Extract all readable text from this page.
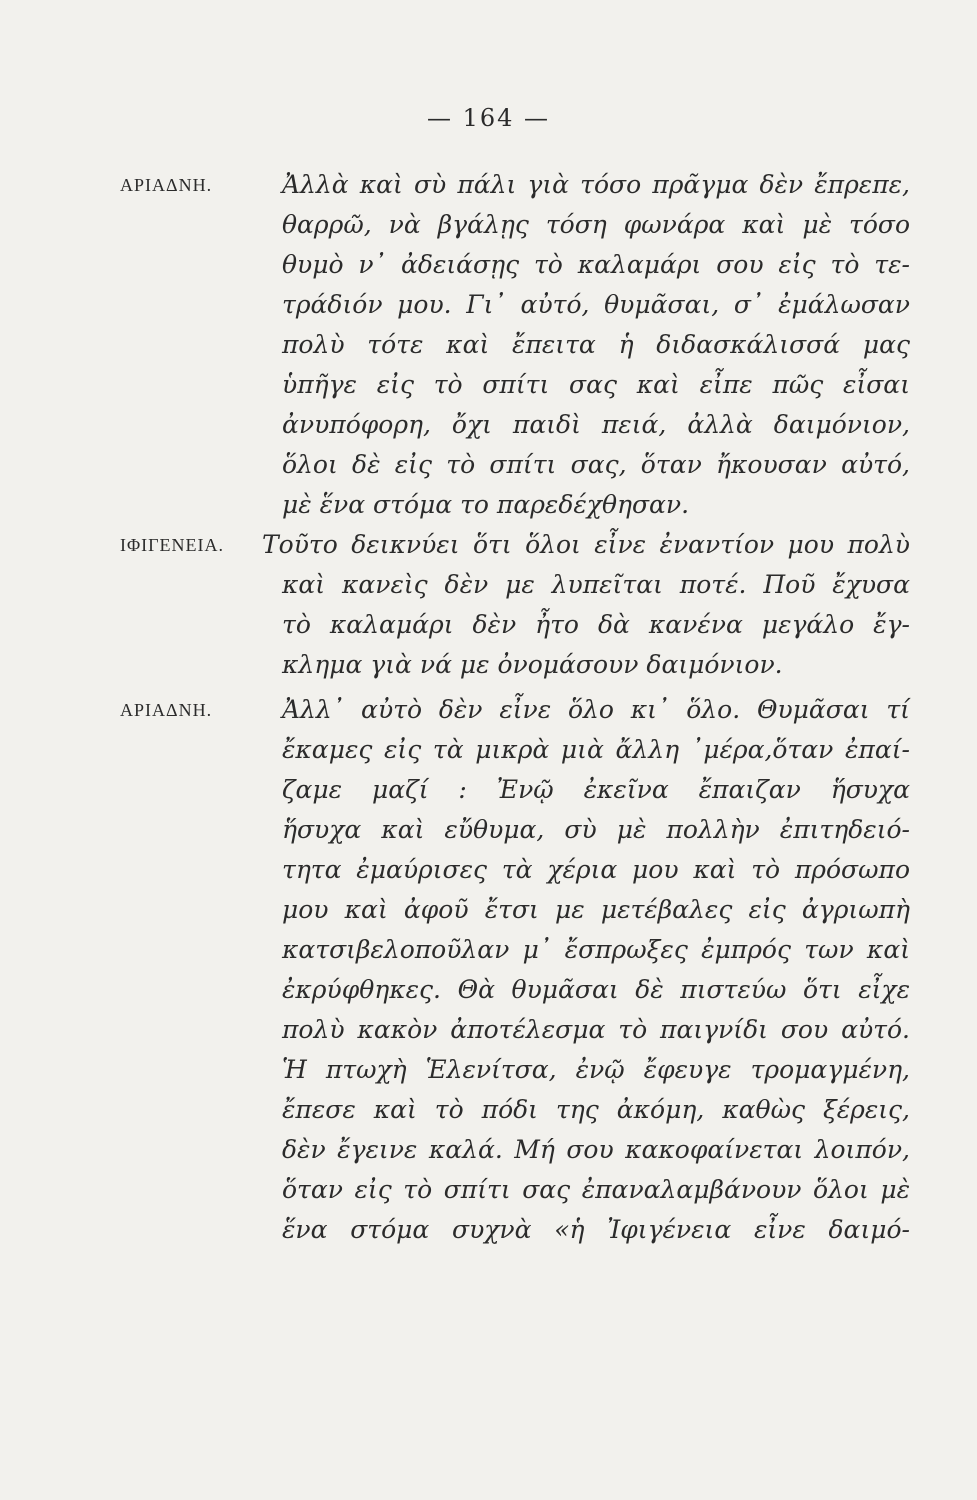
— 164 —
ΑΡΙΑΔΝΗ.	Ἀλλὰ καὶ σὺ πάλι γιὰ τόσο πρᾶγμα δὲν ἔπρεπε,
θαρρῶ, νὰ βγάλῃς τόση φωνάρα καὶ μὲ τόσο
θυμὸ ν᾽ ἀδειάσῃς τὸ καλαμάρι σου εἰς τὸ τε-
τράδιόν μου. Γι᾽ αὐτό, θυμᾶσαι, σ᾽ ἐμάλωσαν
πολὺ τότε καὶ ἔπειτα ἡ διδασκάλισσά μας
ὑπῆγε εἰς τὸ σπίτι σας καὶ εἶπε πῶς εἶσαι
ἀνυπόφορη, ὄχι παιδὶ πειά, ἀλλὰ δαιμόνιον,
ὅλοι δὲ εἰς τὸ σπίτι σας, ὅταν ἤκουσαν αὐτό,
μὲ ἕνα στόμα το παρεδέχθησαν.
ΙΦΙΓΕΝΕΙΑ. Τοῦτο δεικνύει ὅτι ὅλοι εἶνε ἐναντίον μου πολὺ
καὶ κανεὶς δὲν με λυπεῖται ποτέ. Ποῦ ἔχυσα
τὸ καλαμάρι δὲν ἦτο δὰ κανένα μεγάλο ἔγ-
κλημα γιὰ νά με ὀνομάσουν δαιμόνιον.
ΑΡΙΑΔΝΗ.	Ἀλλ᾽ αὐτὸ δὲν εἶνε ὅλο κι᾽ ὅλο. Θυμᾶσαι τί
ἔκαμες εἰς τὰ μικρὰ μιὰ ἄλλη ᾽μέρα,ὅταν ἐπαί-
ζαμε μαζί : Ἐνῷ ἐκεῖνα ἔπαιζαν ἥσυχα
ἥσυχα καὶ εὔθυμα, σὺ μὲ πολλὴν ἐπιτηδειό-
τητα ἐμαύρισες τὰ χέρια μου καὶ τὸ πρόσωπο
μου καὶ ἀφοῦ ἔτσι με μετέβαλες εἰς ἀγριωπὴ
κατσιβελοποῦλαν μ᾽ ἔσπρωξες ἐμπρός των καὶ
ἐκρύφθηκες. Θὰ θυμᾶσαι δὲ πιστεύω ὅτι εἶχε
πολὺ κακὸν ἀποτέλεσμα τὸ παιγνίδι σου αὐτό.
Ἡ πτωχὴ Ἑλενίτσα, ἐνῷ ἔφευγε τρομαγμένη,
ἔπεσε καὶ τὸ πόδι της ἀκόμη, καθὼς ξέρεις,
δὲν ἔγεινε καλά. Μή σου κακοφαίνεται λοιπόν,
ὅταν εἰς τὸ σπίτι σας ἐπαναλαμβάνουν ὅλοι μὲ
ἕνα στόμα συχνὰ «ἡ Ἰφιγένεια εἶνε δαιμό-
